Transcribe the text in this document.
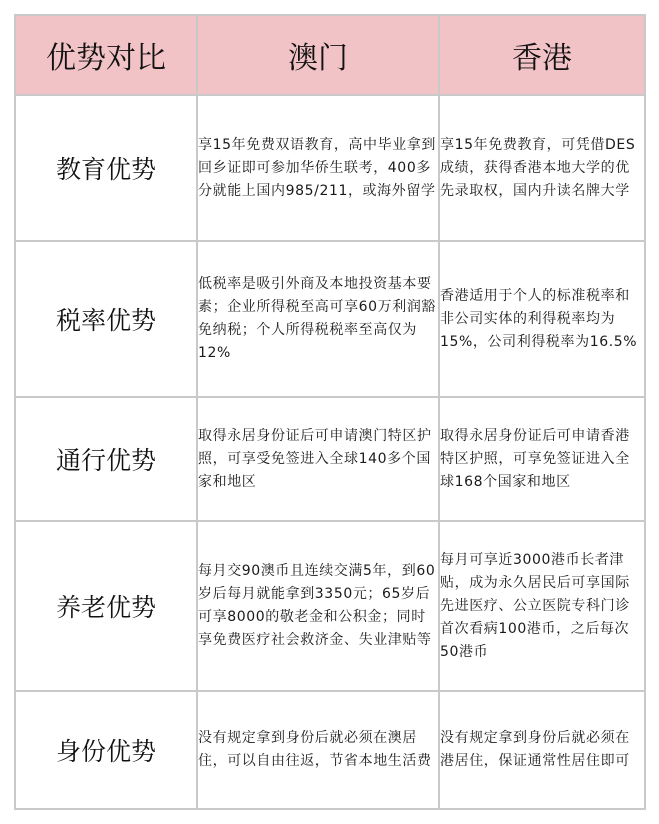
优势对比	澳门	香港
教育优势	享15年免费双语教育，高中毕业拿到回乡证即可参加华侨生联考，400多分就能上国内985/211，或海外留学	享15年免费教育，可凭借DES成绩，获得香港本地大学的优先录取权，国内升读名牌大学
税率优势	低税率是吸引外商及本地投资基本要素；企业所得税至高可享60万利润豁免纳税；个人所得税税率至高仅为12%	香港适用于个人的标准税率和非公司实体的利得税率均为15%，公司利得税率为16.5%
通行优势	取得永居身份证后可申请澳门特区护照，可享受免签进入全球140多个国家和地区	取得永居身份证后可申请香港特区护照，可享免签证进入全球168个国家和地区
养老优势	每月交90澳币且连续交满5年，到60岁后每月就能拿到3350元；65岁后可享8000的敬老金和公积金；同时享免费医疗社会救济金、失业津贴等	每月可享近3000港币长者津贴，成为永久居民后可享国际先进医疗、公立医院专科门诊首次看病100港币，之后每次50港币
身份优势	没有规定拿到身份后就必须在澳居住，可以自由往返，节省本地生活费	没有规定拿到身份后就必须在港居住，保证通常性居住即可
